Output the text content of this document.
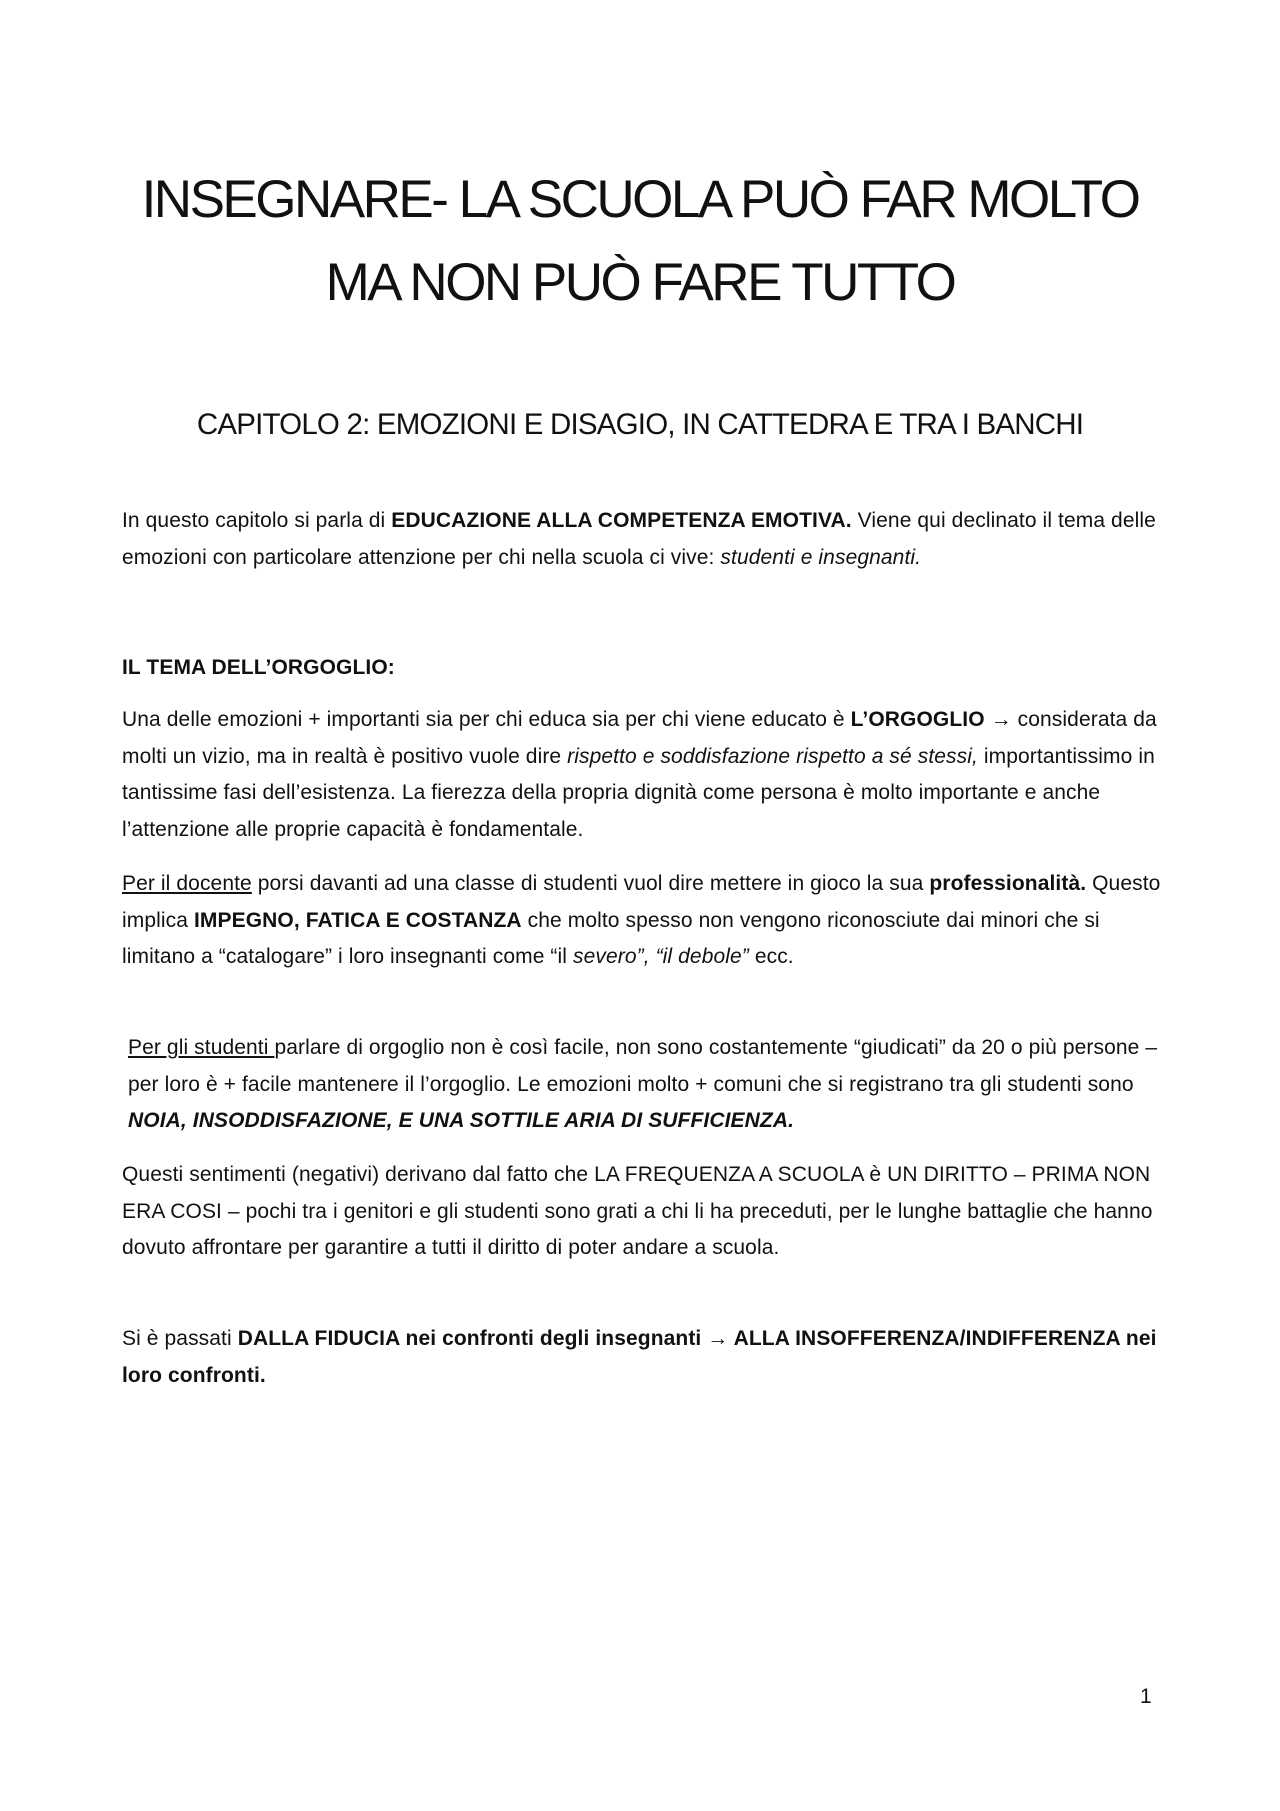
INSEGNARE- LA SCUOLA PUÒ FAR MOLTO
MA NON PUÒ FARE TUTTO
CAPITOLO 2: EMOZIONI E DISAGIO, IN CATTEDRA E TRA I BANCHI

In questo capitolo si parla di EDUCAZIONE ALLA COMPETENZA EMOTIVA. Viene qui declinato il tema delle emozioni con particolare attenzione per chi nella scuola ci vive: studenti e insegnanti.

IL TEMA DELL’ORGOGLIO:

Una delle emozioni + importanti sia per chi educa sia per chi viene educato è L’ORGOGLIO → considerata da molti un vizio, ma in realtà è positivo vuole dire rispetto e soddisfazione rispetto a sé stessi, importantissimo in tantissime fasi dell’esistenza. La fierezza della propria dignità come persona è molto importante e anche l’attenzione alle proprie capacità è fondamentale.

Per il docente porsi davanti ad una classe di studenti vuol dire mettere in gioco la sua professionalità. Questo implica IMPEGNO, FATICA E COSTANZA che molto spesso non vengono riconosciute dai minori che si limitano a “catalogare” i loro insegnanti come “il severo”, “il debole” ecc.

Per gli studenti parlare di orgoglio non è così facile, non sono costantemente “giudicati” da 20 o più persone – per loro è + facile mantenere il l’orgoglio. Le emozioni molto + comuni che si registrano tra gli studenti sono NOIA, INSODDISFAZIONE, E UNA SOTTILE ARIA DI SUFFICIENZA.

Questi sentimenti (negativi) derivano dal fatto che LA FREQUENZA A SCUOLA è UN DIRITTO – PRIMA NON ERA COSI – pochi tra i genitori e gli studenti sono grati a chi li ha preceduti, per le lunghe battaglie che hanno dovuto affrontare per garantire a tutti il diritto di poter andare a scuola.

Si è passati DALLA FIDUCIA nei confronti degli insegnanti → ALLA INSOFFERENZA/INDIFFERENZA nei loro confronti.

1
